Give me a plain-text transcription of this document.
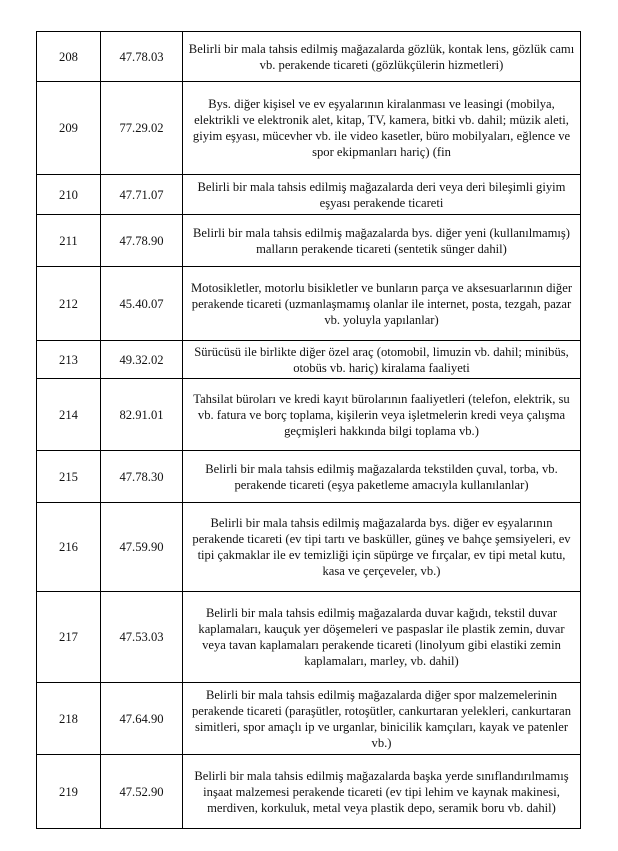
208	47.78.03	Belirli bir mala tahsis edilmiş mağazalarda gözlük, kontak lens, gözlük camı vb. perakende ticareti (gözlükçülerin hizmetleri)
209	77.29.02	Bys. diğer kişisel ve ev eşyalarının kiralanması ve leasingi (mobilya, elektrikli ve elektronik alet, kitap, TV, kamera, bitki vb. dahil; müzik aleti, giyim eşyası, mücevher vb. ile video kasetler, büro mobilyaları, eğlence ve spor ekipmanları hariç) (fin
210	47.71.07	Belirli bir mala tahsis edilmiş mağazalarda deri veya deri bileşimli giyim eşyası perakende ticareti
211	47.78.90	Belirli bir mala tahsis edilmiş mağazalarda bys. diğer yeni (kullanılmamış) malların perakende ticareti (sentetik sünger dahil)
212	45.40.07	Motosikletler, motorlu bisikletler ve bunların parça ve aksesuarlarının diğer perakende ticareti (uzmanlaşmamış olanlar ile internet, posta, tezgah, pazar vb. yoluyla yapılanlar)
213	49.32.02	Sürücüsü ile birlikte diğer özel araç (otomobil, limuzin vb. dahil; minibüs, otobüs vb. hariç) kiralama faaliyeti
214	82.91.01	Tahsilat büroları ve kredi kayıt bürolarının faaliyetleri (telefon, elektrik, su vb. fatura ve borç toplama, kişilerin veya işletmelerin kredi veya çalışma geçmişleri hakkında bilgi toplama vb.)
215	47.78.30	Belirli bir mala tahsis edilmiş mağazalarda tekstilden çuval, torba, vb. perakende ticareti (eşya paketleme amacıyla kullanılanlar)
216	47.59.90	Belirli bir mala tahsis edilmiş mağazalarda bys. diğer ev eşyalarının perakende ticareti (ev tipi tartı ve basküller, güneş ve bahçe şemsiyeleri, ev tipi çakmaklar ile ev temizliği için süpürge ve fırçalar, ev tipi metal kutu, kasa ve çerçeveler, vb.)
217	47.53.03	Belirli bir mala tahsis edilmiş mağazalarda duvar kağıdı, tekstil duvar kaplamaları, kauçuk yer döşemeleri ve paspaslar ile plastik zemin, duvar veya tavan kaplamaları perakende ticareti (linolyum gibi elastiki zemin kaplamaları, marley, vb. dahil)
218	47.64.90	Belirli bir mala tahsis edilmiş mağazalarda diğer spor malzemelerinin perakende ticareti (paraşütler, rotoşütler, cankurtaran yelekleri, cankurtaran simitleri, spor amaçlı ip ve urganlar, binicilik kamçıları, kayak ve patenler vb.)
219	47.52.90	Belirli bir mala tahsis edilmiş mağazalarda başka yerde sınıflandırılmamış inşaat malzemesi perakende ticareti (ev tipi lehim ve kaynak makinesi, merdiven, korkuluk, metal veya plastik depo, seramik boru vb. dahil)
